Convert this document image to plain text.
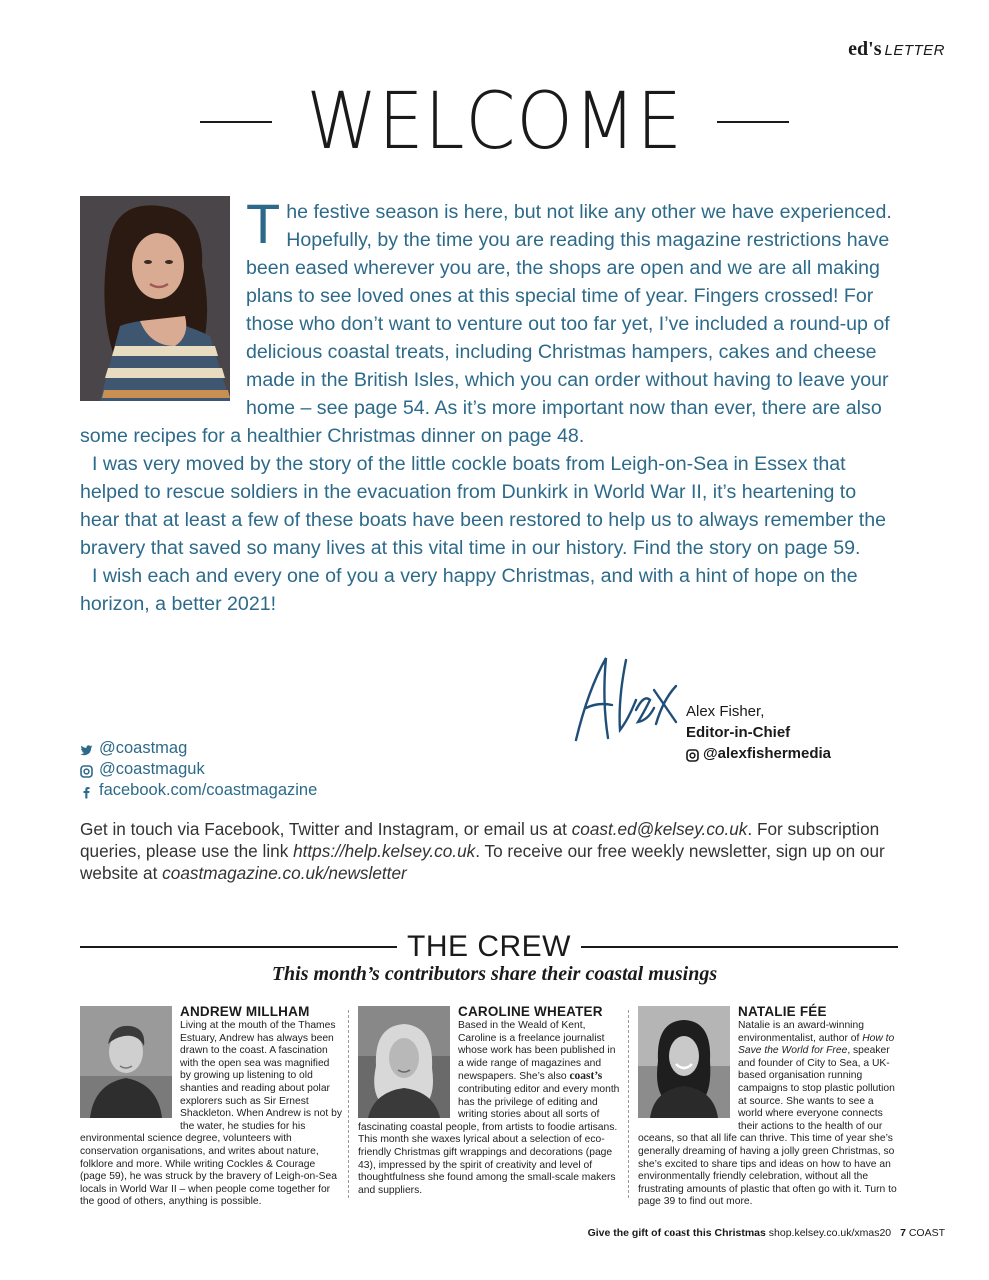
ed's LETTER
WELCOME

The festive season is here, but not like any other we have experienced. Hopefully, by the time you are reading this magazine restrictions have been eased wherever you are, the shops are open and we are all making plans to see loved ones at this special time of year. Fingers crossed! For those who don’t want to venture out too far yet, I’ve included a round-up of delicious coastal treats, including Christmas hampers, cakes and cheese made in the British Isles, which you can order without having to leave your home – see page 54. As it’s more important now than ever, there are also some recipes for a healthier Christmas dinner on page 48.

I was very moved by the story of the little cockle boats from Leigh-on-Sea in Essex that helped to rescue soldiers in the evacuation from Dunkirk in World War II, it’s heartening to hear that at least a few of these boats have been restored to help us to always remember the bravery that saved so many lives at this vital time in our history. Find the story on page 59.

I wish each and every one of you a very happy Christmas, and with a hint of hope on the horizon, a better 2021!

Alex Fisher,
Editor-in-Chief
@alexfishermedia
@coastmag
@coastmaguk
facebook.com/coastmagazine
Get in touch via Facebook, Twitter and Instagram, or email us at coast.ed@kelsey.co.uk. For subscription queries, please use the link https://help.kelsey.co.uk. To receive our free weekly newsletter, sign up on our website at coastmagazine.co.uk/newsletter
THE CREW
This month’s contributors share their coastal musings
ANDREW MILLHAM
Living at the mouth of the Thames Estuary, Andrew has always been drawn to the coast. A fascination with the open sea was magnified by growing up listening to old shanties and reading about polar explorers such as Sir Ernest Shackleton. When Andrew is not by the water, he studies for his environmental science degree, volunteers with conservation organisations, and writes about nature, folklore and more. While writing Cockles & Courage (page 59), he was struck by the bravery of Leigh-on-Sea locals in World War II – when people come together for the good of others, anything is possible.
CAROLINE WHEATER
Based in the Weald of Kent, Caroline is a freelance journalist whose work has been published in a wide range of magazines and newspapers. She’s also coast’s contributing editor and every month has the privilege of editing and writing stories about all sorts of fascinating coastal people, from artists to foodie artisans. This month she waxes lyrical about a selection of eco-friendly Christmas gift wrappings and decorations (page 43), impressed by the spirit of creativity and level of thoughtfulness she found among the small-scale makers and suppliers.
NATALIE FÉE
Natalie is an award-winning environmentalist, author of How to Save the World for Free, speaker and founder of City to Sea, a UK-based organisation running campaigns to stop plastic pollution at source. She wants to see a world where everyone connects their actions to the health of our oceans, so that all life can thrive. This time of year she’s generally dreaming of having a jolly green Christmas, so she’s excited to share tips and ideas on how to have an environmentally friendly celebration, without all the frustrating amounts of plastic that often go with it. Turn to page 39 to find out more.
Give the gift of coast this Christmas shop.kelsey.co.uk/xmas20 7 COAST
